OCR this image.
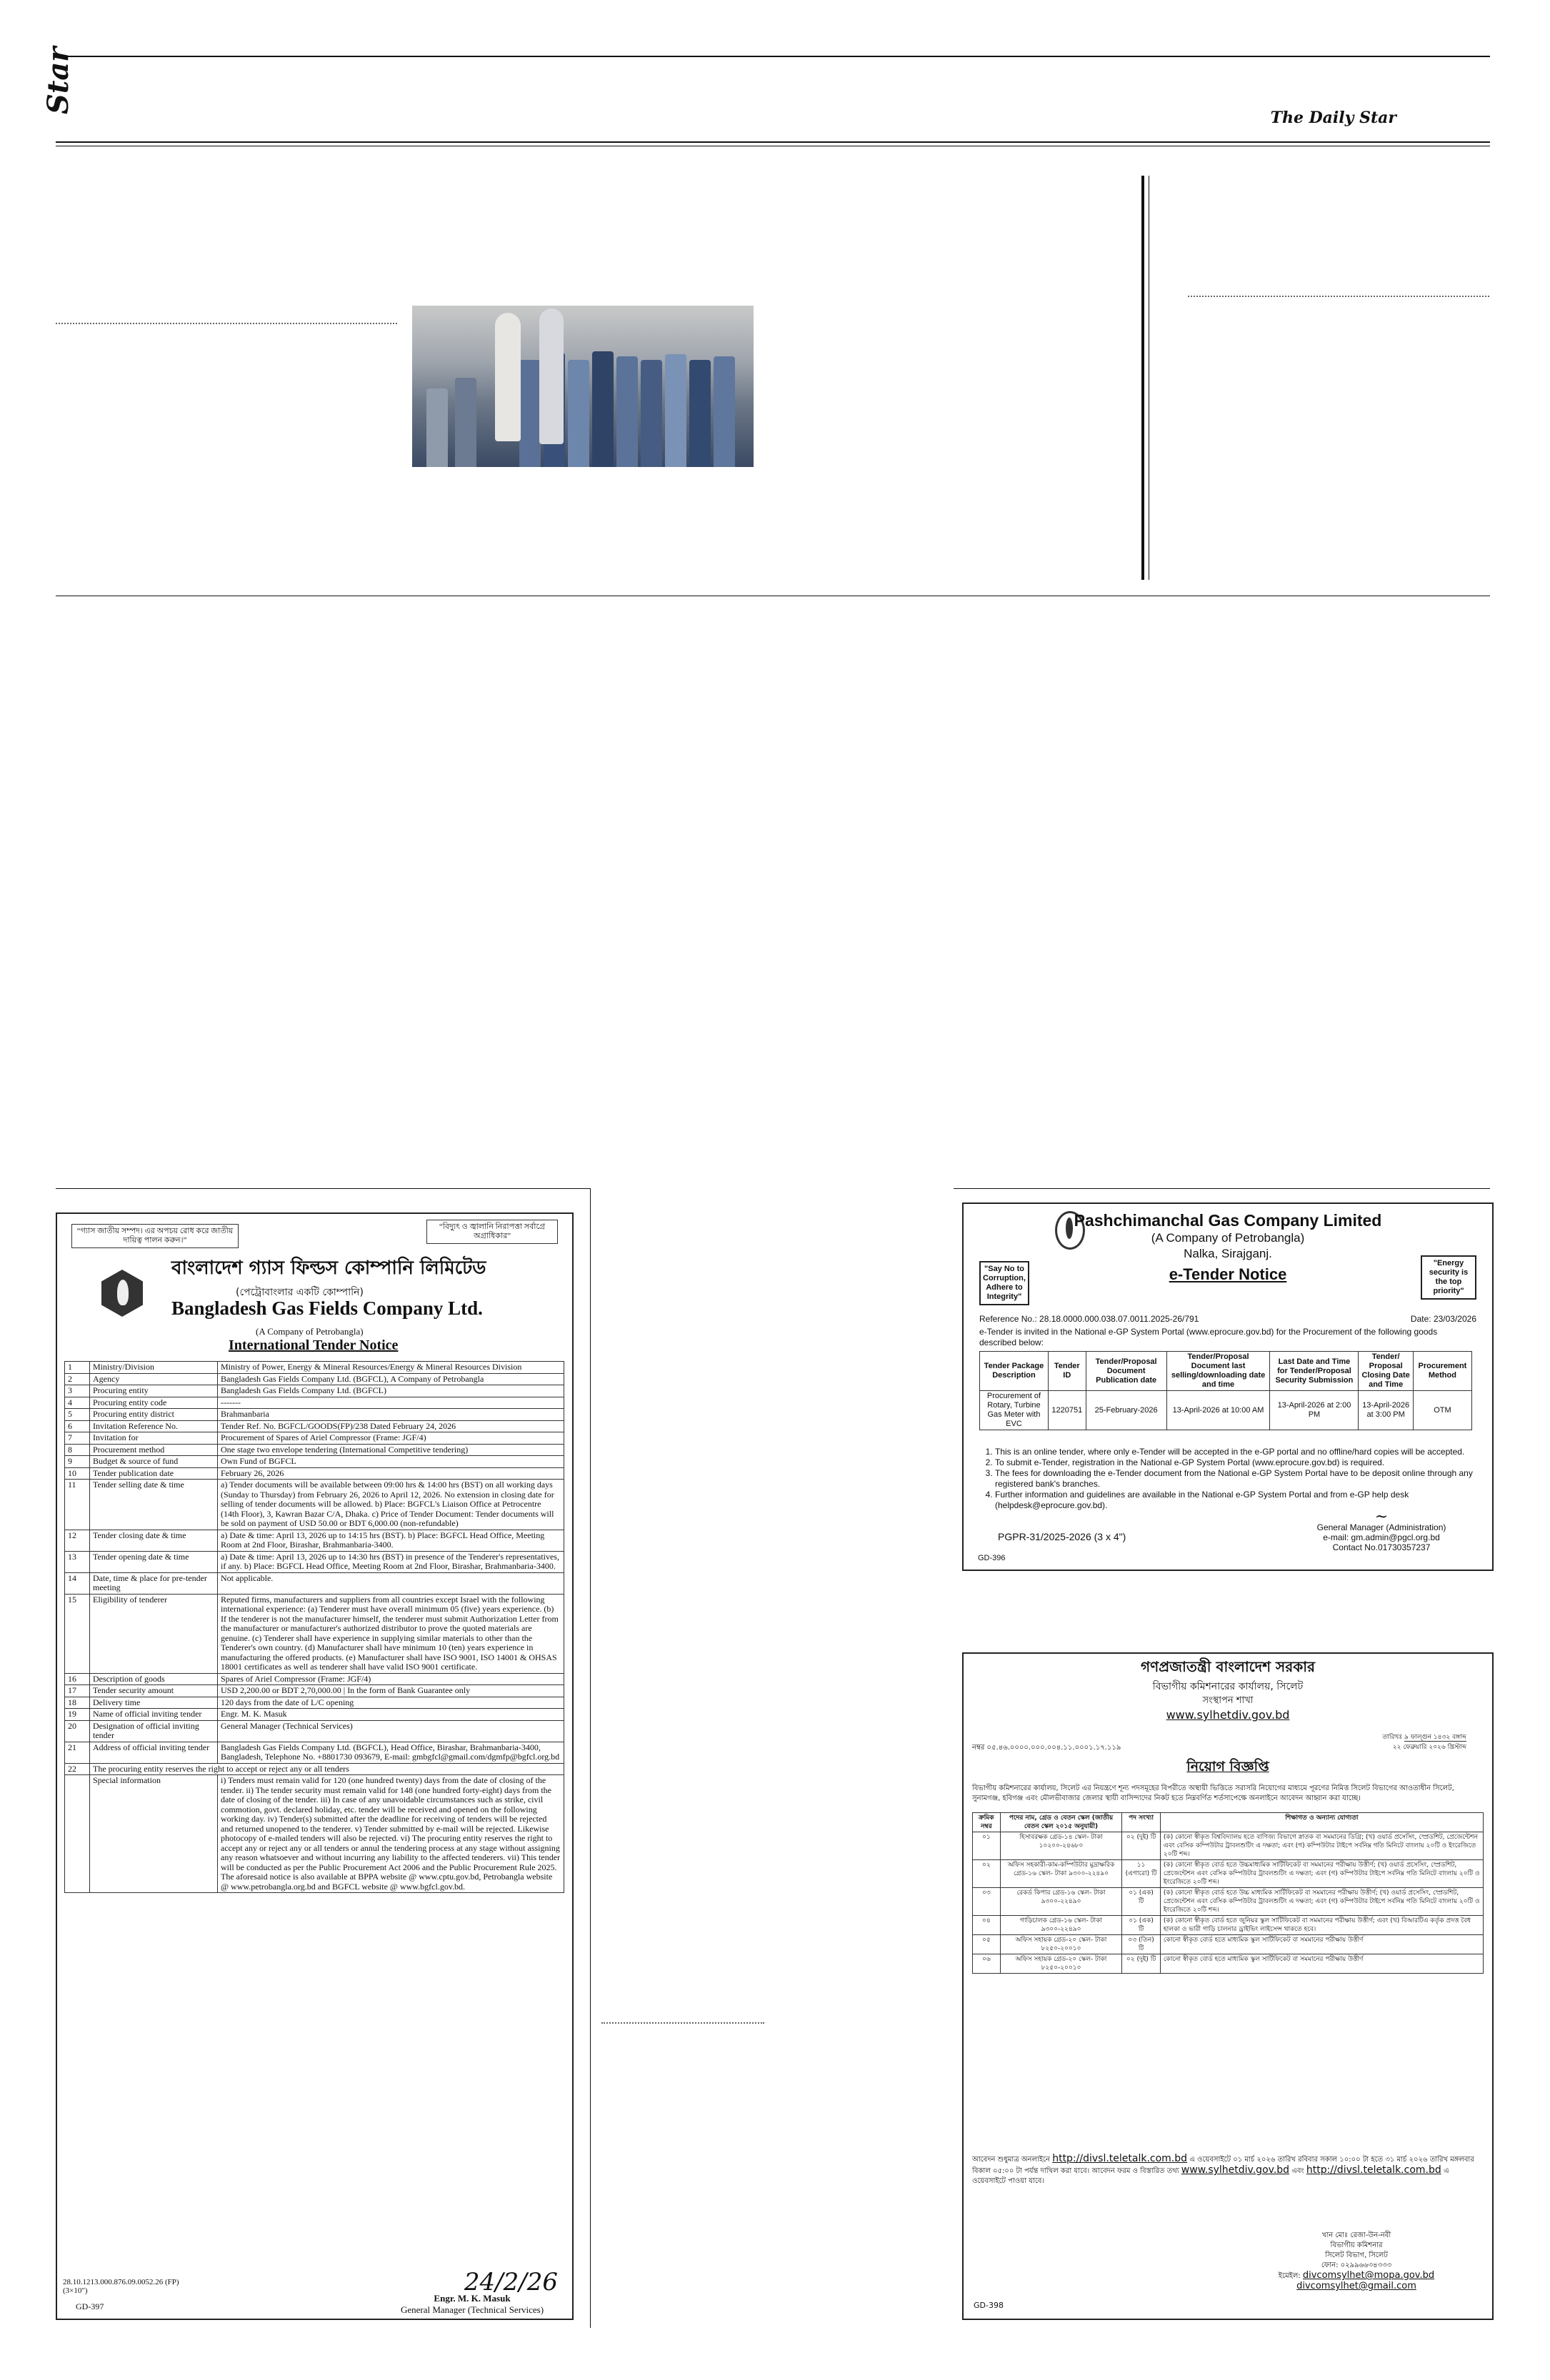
Star
The Daily Star
“গ্যাস জাতীয় সম্পদ। এর অপচয় রোধ করে জাতীয় দায়িত্ব পালন করুন।”
“বিদ্যুৎ ও জ্বালানি নিরাপত্তা সর্বাগ্রে অগ্রাধিকার”
বাংলাদেশ গ্যাস ফিল্ডস কোম্পানি লিমিটেড
(পেট্রোবাংলার একটি কোম্পানি)
Bangladesh Gas Fields Company Ltd.
(A Company of Petrobangla)
International Tender Notice
1	Ministry/Division	Ministry of Power, Energy & Mineral Resources/Energy & Mineral Resources Division
2	Agency	Bangladesh Gas Fields Company Ltd. (BGFCL), A Company of Petrobangla
3	Procuring entity	Bangladesh Gas Fields Company Ltd. (BGFCL)
4	Procuring entity code	-------
5	Procuring entity district	Brahmanbaria
6	Invitation Reference No.	Tender Ref. No. BGFCL/GOODS(FP)/238 Dated February 24, 2026
7	Invitation for	Procurement of Spares of Ariel Compressor (Frame: JGF/4)
8	Procurement method	One stage two envelope tendering (International Competitive tendering)
9	Budget & source of fund	Own Fund of BGFCL
10	Tender publication date	February 26, 2026
11	Tender selling date & time	a) Tender documents will be available between 09:00 hrs & 14:00 hrs (BST) on all working days (Sunday to Thursday) from February 26, 2026 to April 12, 2026. No extension in closing date for selling of tender documents will be allowed. b) Place: BGFCL's Liaison Office at Petrocentre (14th Floor), 3, Kawran Bazar C/A, Dhaka. c) Price of Tender Document: Tender documents will be sold on payment of USD 50.00 or BDT 6,000.00 (non-refundable)
12	Tender closing date & time	a) Date & time: April 13, 2026 up to 14:15 hrs (BST). b) Place: BGFCL Head Office, Meeting Room at 2nd Floor, Birashar, Brahmanbaria-3400.
13	Tender opening date & time	a) Date & time: April 13, 2026 up to 14:30 hrs (BST) in presence of the Tenderer's representatives, if any. b) Place: BGFCL Head Office, Meeting Room at 2nd Floor, Birashar, Brahmanbaria-3400.
14	Date, time & place for pre-tender meeting	Not applicable.
15	Eligibility of tenderer	Reputed firms, manufacturers and suppliers from all countries except Israel with the following international experience: (a) Tenderer must have overall minimum 05 (five) years experience. (b) If the tenderer is not the manufacturer himself, the tenderer must submit Authorization Letter from the manufacturer or manufacturer's authorized distributor to prove the quoted materials are genuine. (c) Tenderer shall have experience in supplying similar materials to other than the Tenderer's own country. (d) Manufacturer shall have minimum 10 (ten) years experience in manufacturing the offered products. (e) Manufacturer shall have ISO 9001, ISO 14001 & OHSAS 18001 certificates as well as tenderer shall have valid ISO 9001 certificate.
16	Description of goods	Spares of Ariel Compressor (Frame: JGF/4)
17	Tender security amount	USD 2,200.00 or BDT 2,70,000.00 | In the form of Bank Guarantee only
18	Delivery time	120 days from the date of L/C opening
19	Name of official inviting tender	Engr. M. K. Masuk
20	Designation of official inviting tender	General Manager (Technical Services)
21	Address of official inviting tender	Bangladesh Gas Fields Company Ltd. (BGFCL), Head Office, Birashar, Brahmanbaria-3400, Bangladesh, Telephone No. +8801730 093679, E-mail: gmbgfcl@gmail.com/dgmfp@bgfcl.org.bd
22	The procuring entity reserves the right to accept or reject any or all tenders	
	Special information	i) Tenders must remain valid for 120 (one hundred twenty) days from the date of closing of the tender. ii) The tender security must remain valid for 148 (one hundred forty-eight) days from the date of closing of the tender. iii) In case of any unavoidable circumstances such as strike, civil commotion, govt. declared holiday, etc. tender will be received and opened on the following working day. iv) Tender(s) submitted after the deadline for receiving of tenders will be rejected and returned unopened to the tenderer. v) Tender submitted by e-mail will be rejected. Likewise photocopy of e-mailed tenders will also be rejected. vi) The procuring entity reserves the right to accept any or reject any or all tenders or annul the tendering process at any stage without assigning any reason whatsoever and without incurring any liability to the affected tenderers. vii) This tender will be conducted as per the Public Procurement Act 2006 and the Public Procurement Rule 2025. The aforesaid notice is also available at BPPA website @ www.cptu.gov.bd, Petrobangla website @ www.petrobangla.org.bd and BGFCL website @ www.bgfcl.gov.bd.
28.10.1213.000.876.09.0052.26 (FP)
(3×10")	24/2/26
Engr. M. K. Masuk
General Manager (Technical Services)
GD-397
Pashchimanchal Gas Company Limited
(A Company of Petrobangla)
Nalka, Sirajganj.
e-Tender Notice
"Say No to Corruption, Adhere to Integrity"
"Energy security is the top priority"
Reference No.: 28.18.0000.000.038.07.0011.2025-26/791	Date: 23/03/2026
e-Tender is invited in the National e-GP System Portal (www.eprocure.gov.bd) for the Procurement of the following goods described below:
Tender Package Description	Tender ID	Tender/Proposal Document Publication date	Tender/Proposal Document last selling/downloading date and time	Last Date and Time for Tender/Proposal Security Submission	Tender/ Proposal Closing Date and Time	Procurement Method
Procurement of Rotary, Turbine Gas Meter with EVC	1220751	25-February-2026	13-April-2026 at 10:00 AM	13-April-2026 at 2:00 PM	13-April-2026 at 3:00 PM	OTM
1. This is an online tender, where only e-Tender will be accepted in the e-GP portal and no offline/hard copies will be accepted.
2. To submit e-Tender, registration in the National e-GP System Portal (www.eprocure.gov.bd) is required.
3. The fees for downloading the e-Tender document from the National e-GP System Portal have to be deposit online through any registered bank's branches.
4. Further information and guidelines are available in the National e-GP System Portal and from e-GP help desk (helpdesk@eprocure.gov.bd).
PGPR-31/2025-2026 (3 x 4")
~
General Manager (Administration)
e-mail: gm.admin@pgcl.org.bd
Contact No.01730357237
GD-396
গণপ্রজাতন্ত্রী বাংলাদেশ সরকার
বিভাগীয় কমিশনারের কার্যালয়, সিলেট
সংস্থাপন শাখা
www.sylhetdiv.gov.bd
নম্বর ০৫.৪৬.০০০০.০০০.০০৪.১১.০০০১.১৭.১১৯
তারিখঃ ৯ ফাল্গুন ১৪৩২ বঙ্গাব্দ
২২ ফেব্রুয়ারি ২০২৬ খ্রিস্টাব্দ
নিয়োগ বিজ্ঞপ্তি
বিভাগীয় কমিশনারের কার্যালয়, সিলেট এর নিয়ন্ত্রণে শূন্য পদসমূহের বিপরীতে অস্থায়ী ভিত্তিতে সরাসরি নিয়োগের মাধ্যমে পূরণের নিমিত্ত সিলেট বিভাগের আওতাধীন সিলেট, সুনামগঞ্জ, হবিগঞ্জ এবং মৌলভীবাজার জেলার স্থায়ী বাসিন্দাদের নিকট হতে নিম্নবর্ণিত শর্তসাপেক্ষে অনলাইনে আবেদন আহ্বান করা যাচ্ছে।
ক্রমিক নম্বর	পদের নাম, গ্রেড ও বেতন স্কেল (জাতীয় বেতন স্কেল ২০১৫ অনুযায়ী)	পদ সংখ্যা	শিক্ষাগত ও অন্যান্য যোগ্যতা
০১	হিসাবরক্ষক গ্রেড-১৪ স্কেল- টাকা ১০২০০-২৪৬৮০	০২ (দুই) টি	(ক) কোনো স্বীকৃত বিশ্ববিদ্যালয় হতে বাণিজ্য বিভাগে স্নাতক বা সমমানের ডিগ্রি; (খ) ওয়ার্ড প্রসেসিং, স্প্রেডশিট, প্রেজেন্টেশন এবং বেসিক কম্পিউটার ট্রাবলশুটিং এ দক্ষতা; এবং (গ) কম্পিউটার টাইপে সর্বনিম্ন গতি মিনিটে বাংলায় ২০টি ও ইংরেজিতে ২০টি শব্দ।
০২	অফিস সহকারী-কাম-কম্পিউটার মুদ্রাক্ষরিক গ্রেড-১৬ স্কেল- টাকা ৯৩০০-২২৪৯০	১১ (এগারো) টি	(ক) কোনো স্বীকৃত বোর্ড হতে উচ্চমাধ্যমিক সার্টিফিকেট বা সমমানের পরীক্ষায় উত্তীর্ণ; (খ) ওয়ার্ড প্রসেসিং, স্প্রেডশিট, প্রেজেন্টেশন এবং বেসিক কম্পিউটার ট্রাবলশুটিং এ দক্ষতা; এবং (গ) কম্পিউটার টাইপে সর্বনিম্ন গতি মিনিটে বাংলায় ২০টি ও ইংরেজিতে ২০টি শব্দ।
০৩	রেকর্ড কিপার গ্রেড-১৬ স্কেল- টাকা ৯৩০০-২২৪৯০	০১ (এক) টি	(ক) কোনো স্বীকৃত বোর্ড হতে উচ্চ মাধ্যমিক সার্টিফিকেট বা সমমানের পরীক্ষায় উত্তীর্ণ; (খ) ওয়ার্ড প্রসেসিং, স্প্রেডশিট, প্রেজেন্টেশন এবং বেসিক কম্পিউটার ট্রাবলশুটিং এ দক্ষতা; এবং (গ) কম্পিউটার টাইপে সর্বনিম্ন গতি মিনিটে বাংলায় ২০টি ও ইংরেজিতে ২০টি শব্দ।
০৪	গাড়িচালক গ্রেড-১৬ স্কেল- টাকা ৯৩০০-২২৪৯০	০১ (এক) টি	(ক) কোনো স্বীকৃত বোর্ড হতে জুনিয়র স্কুল সার্টিফিকেট বা সমমানের পরীক্ষায় উত্তীর্ণ; এবং (খ) বিআরটিএ কর্তৃক প্রদত্ত বৈধ হালকা ও ভারী গাড়ি চালনার ড্রাইভিং লাইসেন্স থাকতে হবে।
০৫	অফিস সহায়ক গ্রেড-২০ স্কেল- টাকা ৮২৫০-২০০১০	০৩ (তিন) টি	কোনো স্বীকৃত বোর্ড হতে মাধ্যমিক স্কুল সার্টিফিকেট বা সমমানের পরীক্ষায় উত্তীর্ণ
০৬	অফিস সহায়ক গ্রেড-২০ স্কেল- টাকা ৮২৫০-২০০১০	০২ (দুই) টি	কোনো স্বীকৃত বোর্ড হতে মাধ্যমিক স্কুল সার্টিফিকেট বা সমমানের পরীক্ষায় উত্তীর্ণ
আবেদন শুধুমাত্র অনলাইনে http://divsl.teletalk.com.bd এ ওয়েবসাইটে ০১ মার্চ ২০২৬ তারিখ রবিবার সকাল ১০:০০ টা হতে ৩১ মার্চ ২০২৬ তারিখ মঙ্গলবার বিকাল ০৫:০০ টা পর্যন্ত দাখিল করা যাবে। আবেদন ফরম ও বিস্তারিত তথ্য www.sylhetdiv.gov.bd এবং http://divsl.teletalk.com.bd এ ওয়েবসাইটে পাওয়া যাবে।
খান মোঃ রেজা-উন-নবী
বিভাগীয় কমিশনার
সিলেট বিভাগ, সিলেট
ফোন: ০২৯৯৬৬৩৪৩৩৩
ইমেইল: divcomsylhet@mopa.gov.bd
divcomsylhet@gmail.com
GD-398
